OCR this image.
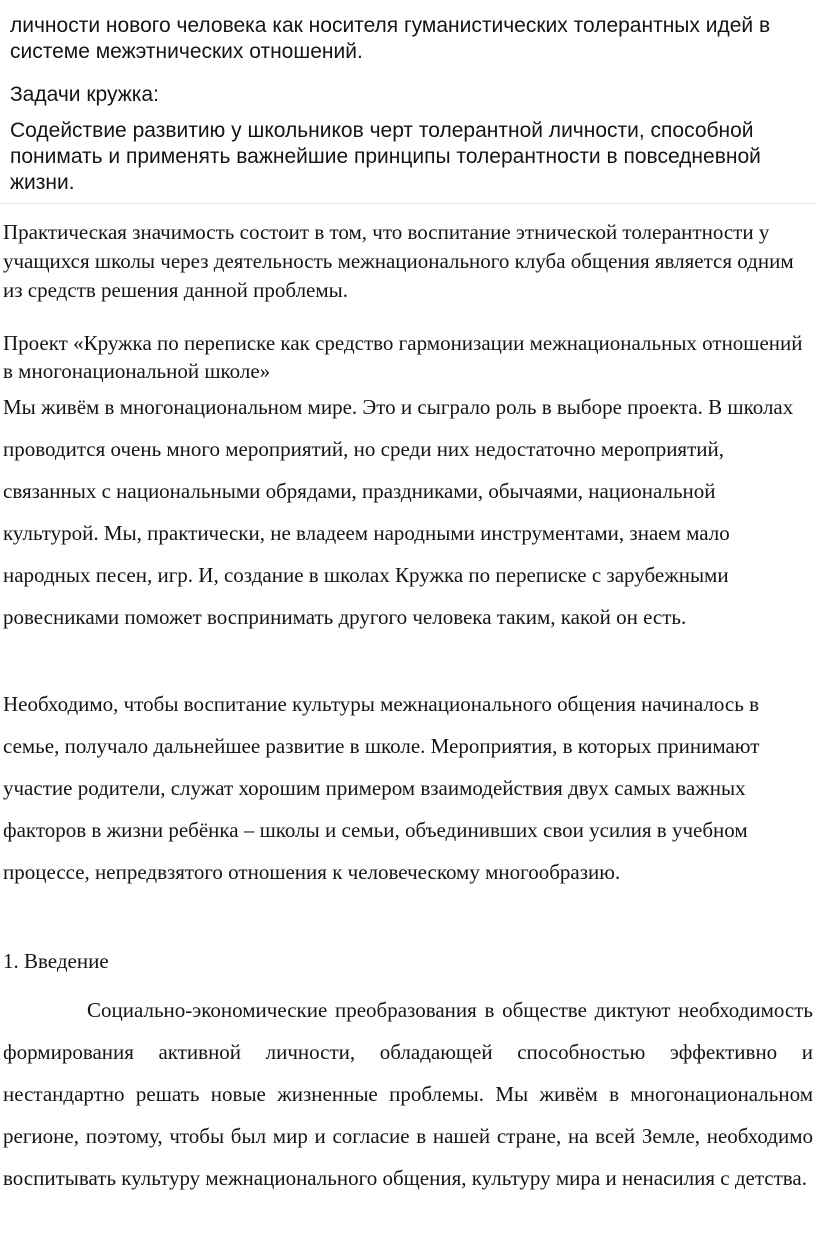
личности нового человека как носителя гуманистических толерантных идей в системе межэтнических отношений.

Задачи кружка:

Содействие развитию у школьников черт толерантной личности, способной понимать и применять важнейшие принципы толерантности в повседневной жизни.

Практическая значимость состоит в том, что воспитание этнической толерантности у учащихся школы через деятельность межнационального клуба общения является одним из средств решения данной проблемы.

Проект «Кружка по переписке как средство гармонизации межнациональных отношений в многонациональной школе»

Мы живём в многонациональном мире. Это и сыграло роль в выборе проекта. В школах проводится очень много мероприятий, но среди них недостаточно мероприятий, связанных с национальными обрядами, праздниками, обычаями, национальной культурой. Мы, практически, не владеем народными инструментами, знаем мало народных песен, игр. И, создание в школах Кружка по переписке с зарубежными ровесниками поможет воспринимать другого человека таким, какой он есть.

Необходимо, чтобы воспитание культуры межнационального общения начиналось в семье, получало дальнейшее развитие в школе. Мероприятия, в которых принимают участие родители, служат хорошим примером взаимодействия двух самых важных факторов в жизни ребёнка – школы и семьи, объединивших свои усилия в учебном процессе, непредвзятого отношения к человеческому многообразию.

1. Введение

Социально-экономические преобразования в обществе диктуют необходимость формирования активной личности, обладающей способностью эффективно и нестандартно решать новые жизненные проблемы. Мы живём в многонациональном регионе, поэтому, чтобы был мир и согласие в нашей стране, на всей Земле, необходимо воспитывать культуру межнационального общения, культуру мира и ненасилия с детства.
